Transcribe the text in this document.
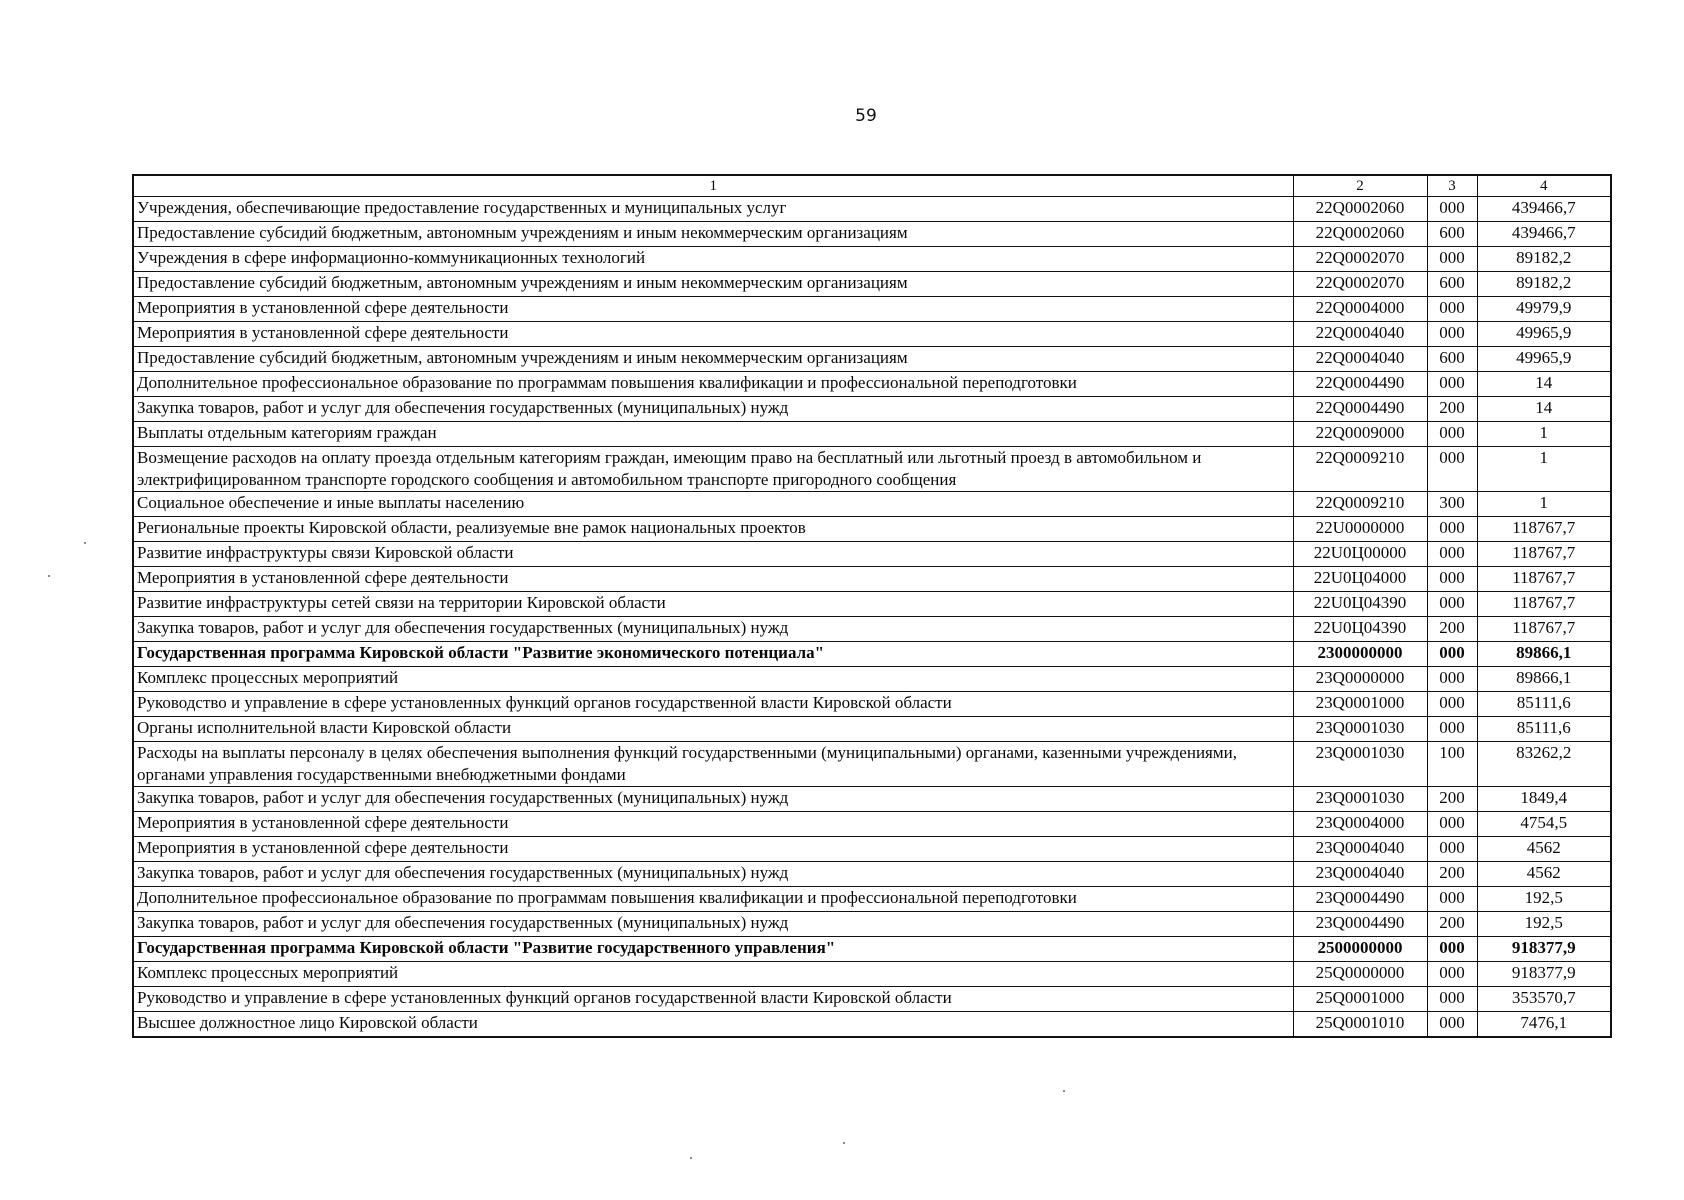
59
1	2	3	4
Учреждения, обеспечивающие предоставление государственных и муниципальных услуг	22Q0002060	000	439466,7
Предоставление субсидий бюджетным, автономным учреждениям и иным некоммерческим организациям	22Q0002060	600	439466,7
Учреждения в сфере информационно-коммуникационных технологий	22Q0002070	000	89182,2
Предоставление субсидий бюджетным, автономным учреждениям и иным некоммерческим организациям	22Q0002070	600	89182,2
Мероприятия в установленной сфере деятельности	22Q0004000	000	49979,9
Мероприятия в установленной сфере деятельности	22Q0004040	000	49965,9
Предоставление субсидий бюджетным, автономным учреждениям и иным некоммерческим организациям	22Q0004040	600	49965,9
Дополнительное профессиональное образование по программам повышения квалификации и профессиональной переподготовки	22Q0004490	000	14
Закупка товаров, работ и услуг для обеспечения государственных (муниципальных) нужд	22Q0004490	200	14
Выплаты отдельным категориям граждан	22Q0009000	000	1
Возмещение расходов на оплату проезда отдельным категориям граждан, имеющим право на бесплатный или льготный проезд в автомобильном и электрифицированном транспорте городского сообщения и автомобильном транспорте пригородного сообщения	22Q0009210	000	1
Социальное обеспечение и иные выплаты населению	22Q0009210	300	1
Региональные проекты Кировской области, реализуемые вне рамок национальных проектов	22U0000000	000	118767,7
Развитие инфраструктуры связи Кировской области	22U0Ц00000	000	118767,7
Мероприятия в установленной сфере деятельности	22U0Ц04000	000	118767,7
Развитие инфраструктуры сетей связи на территории Кировской области	22U0Ц04390	000	118767,7
Закупка товаров, работ и услуг для обеспечения государственных (муниципальных) нужд	22U0Ц04390	200	118767,7
Государственная программа Кировской области "Развитие экономического потенциала"	2300000000	000	89866,1
Комплекс процессных мероприятий	23Q0000000	000	89866,1
Руководство и управление в сфере установленных функций органов государственной власти Кировской области	23Q0001000	000	85111,6
Органы исполнительной власти Кировской области	23Q0001030	000	85111,6
Расходы на выплаты персоналу в целях обеспечения выполнения функций государственными (муниципальными) органами, казенными учреждениями, органами управления государственными внебюджетными фондами	23Q0001030	100	83262,2
Закупка товаров, работ и услуг для обеспечения государственных (муниципальных) нужд	23Q0001030	200	1849,4
Мероприятия в установленной сфере деятельности	23Q0004000	000	4754,5
Мероприятия в установленной сфере деятельности	23Q0004040	000	4562
Закупка товаров, работ и услуг для обеспечения государственных (муниципальных) нужд	23Q0004040	200	4562
Дополнительное профессиональное образование по программам повышения квалификации и профессиональной переподготовки	23Q0004490	000	192,5
Закупка товаров, работ и услуг для обеспечения государственных (муниципальных) нужд	23Q0004490	200	192,5
Государственная программа Кировской области "Развитие государственного управления"	2500000000	000	918377,9
Комплекс процессных мероприятий	25Q0000000	000	918377,9
Руководство и управление в сфере установленных функций органов государственной власти Кировской области	25Q0001000	000	353570,7
Высшее должностное лицо Кировской области	25Q0001010	000	7476,1
